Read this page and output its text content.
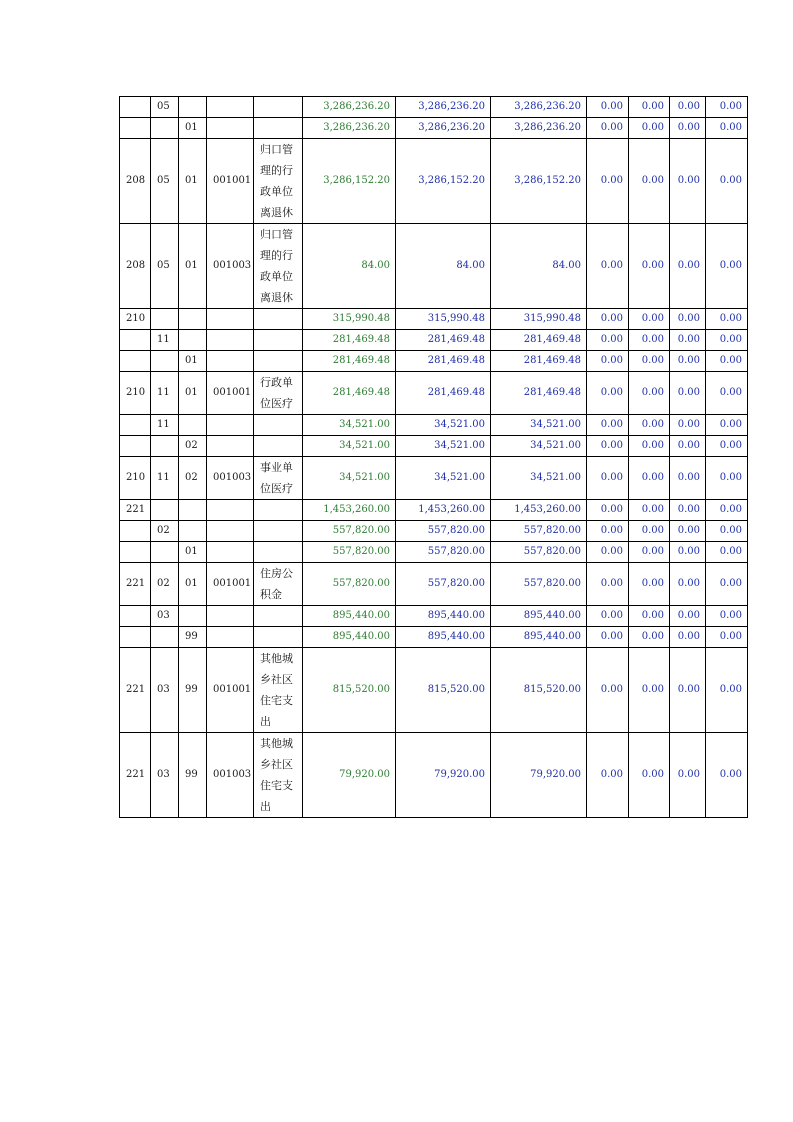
	05				3,286,236.20	3,286,236.20	3,286,236.20	0.00	0.00	0.00	0.00
		01			3,286,236.20	3,286,236.20	3,286,236.20	0.00	0.00	0.00	0.00
208	05	01	001001	归口管理的行政单位离退休	3,286,152.20	3,286,152.20	3,286,152.20	0.00	0.00	0.00	0.00
208	05	01	001003	归口管理的行政单位离退休	84.00	84.00	84.00	0.00	0.00	0.00	0.00
210					315,990.48	315,990.48	315,990.48	0.00	0.00	0.00	0.00
	11				281,469.48	281,469.48	281,469.48	0.00	0.00	0.00	0.00
		01			281,469.48	281,469.48	281,469.48	0.00	0.00	0.00	0.00
210	11	01	001001	行政单位医疗	281,469.48	281,469.48	281,469.48	0.00	0.00	0.00	0.00
	11				34,521.00	34,521.00	34,521.00	0.00	0.00	0.00	0.00
		02			34,521.00	34,521.00	34,521.00	0.00	0.00	0.00	0.00
210	11	02	001003	事业单位医疗	34,521.00	34,521.00	34,521.00	0.00	0.00	0.00	0.00
221					1,453,260.00	1,453,260.00	1,453,260.00	0.00	0.00	0.00	0.00
	02				557,820.00	557,820.00	557,820.00	0.00	0.00	0.00	0.00
		01			557,820.00	557,820.00	557,820.00	0.00	0.00	0.00	0.00
221	02	01	001001	住房公积金	557,820.00	557,820.00	557,820.00	0.00	0.00	0.00	0.00
	03				895,440.00	895,440.00	895,440.00	0.00	0.00	0.00	0.00
		99			895,440.00	895,440.00	895,440.00	0.00	0.00	0.00	0.00
221	03	99	001001	其他城乡社区住宅支出	815,520.00	815,520.00	815,520.00	0.00	0.00	0.00	0.00
221	03	99	001003	其他城乡社区住宅支出	79,920.00	79,920.00	79,920.00	0.00	0.00	0.00	0.00
